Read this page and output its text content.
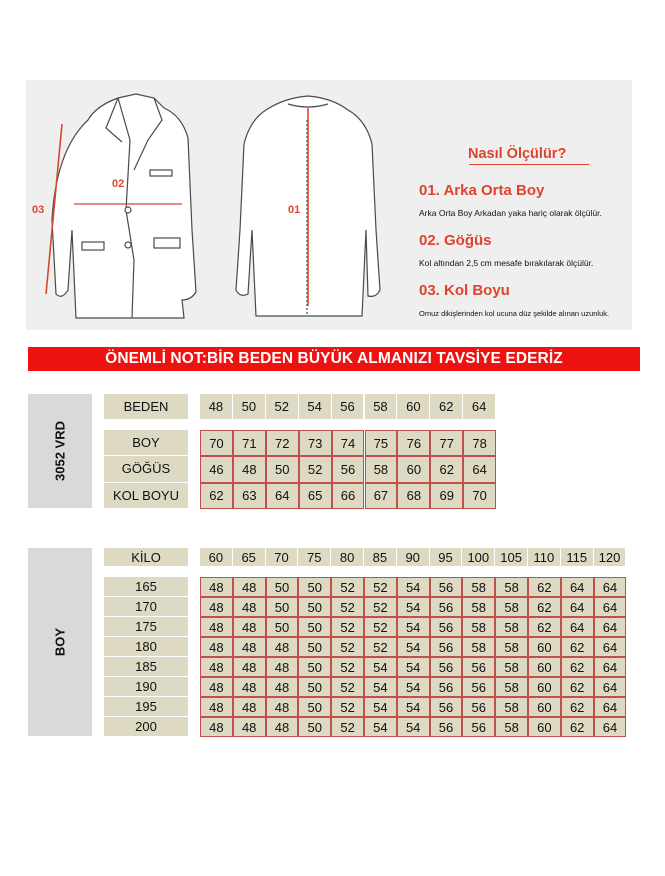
02
03	01
Nasıl Ölçülür?
01. Arka Orta Boy
Arka Orta Boy Arkadan yaka hariç olarak ölçülür.
02. Göğüs
Kol altından 2,5 cm mesafe bırakılarak ölçülür.
03. Kol Boyu
Omuz dikişlerinden kol ucuna düz şekilde alınan uzunluk.
ÖNEMLİ NOT:BİR BEDEN BÜYÜK ALMANIZI TAVSİYE EDERİZ
3052 VRD
BOY
BEDEN	48	50	52	54	56	58	60	62	64
BOY	70	71	72	73	74	75	76	77	78
GÖĞÜS	46	48	50	52	56	58	60	62	64
KOL BOYU	62	63	64	65	66	67	68	69	70
KİLO	60	65	70	75	80	85	90	95	100 105 110 115 120
165	48	48	50	50	52	52	54	56	58	58	62	64	64
170	48	48	50	50	52	52	54	56	58	58	62	64	64
175	48	48	50	50	52	52	54	56	58	58	62	64	64
180	48	48	48	50	52	52	54	56	58	58	60	62	64
185	48	48	48	50	52	54	54	56	56	58	60	62	64
190	48	48	48	50	52	54	54	56	56	58	60	62	64
195	48	48	48	50	52	54	54	56	56	58	60	62	64
200	48	48	48	50	52	54	54	56	56	58	60	62	64
